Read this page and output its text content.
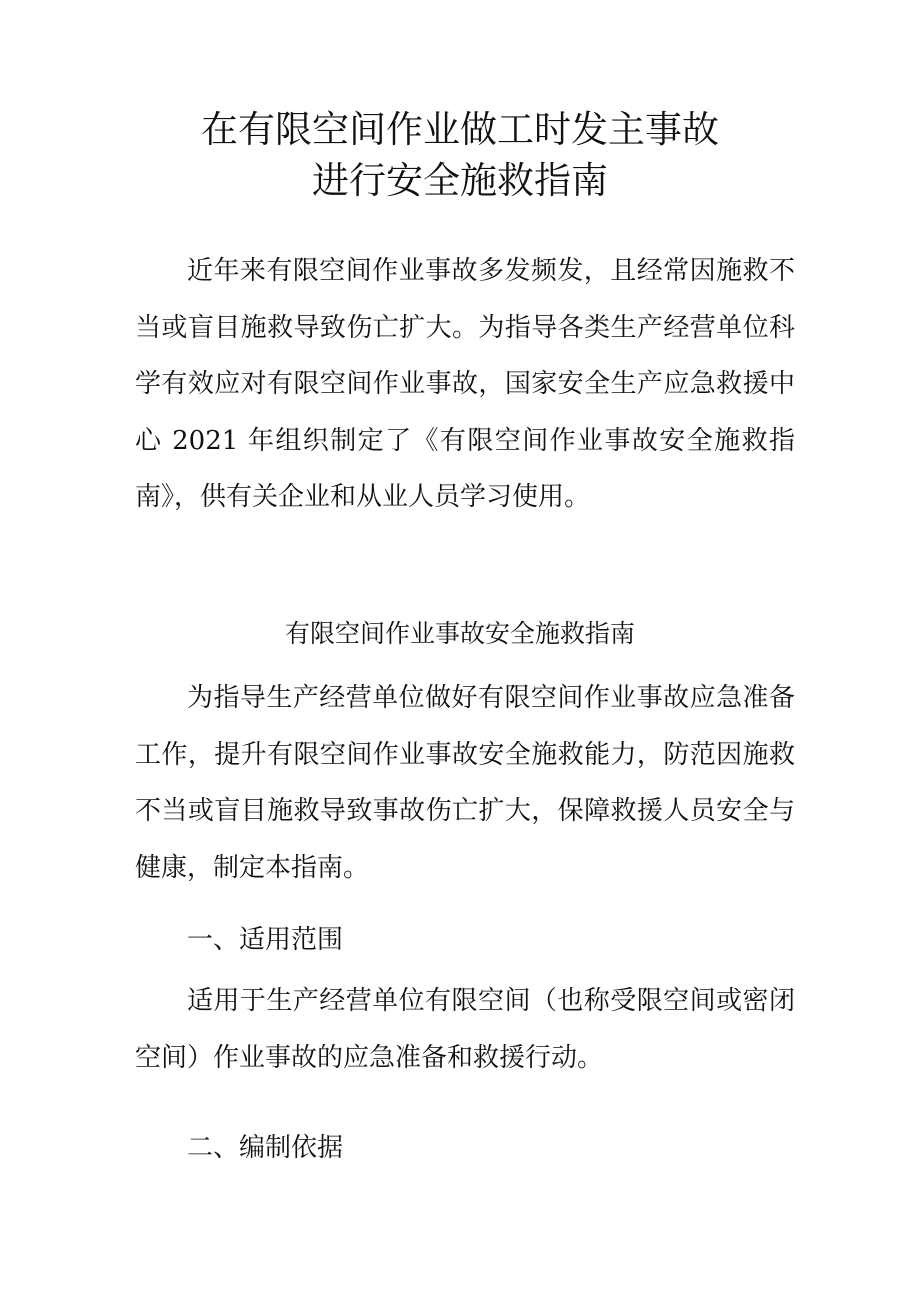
在有限空间作业做工时发主事故
进行安全施救指南

近年来有限空间作业事故多发频发，且经常因施救不当或盲目施救导致伤亡扩大。为指导各类生产经营单位科学有效应对有限空间作业事故，国家安全生产应急救援中心 2021 年组织制定了《有限空间作业事故安全施救指南》，供有关企业和从业人员学习使用。

有限空间作业事故安全施救指南

为指导生产经营单位做好有限空间作业事故应急准备工作，提升有限空间作业事故安全施救能力，防范因施救不当或盲目施救导致事故伤亡扩大，保障救援人员安全与健康，制定本指南。

一、适用范围

适用于生产经营单位有限空间（也称受限空间或密闭空间）作业事故的应急准备和救援行动。

二、编制依据
